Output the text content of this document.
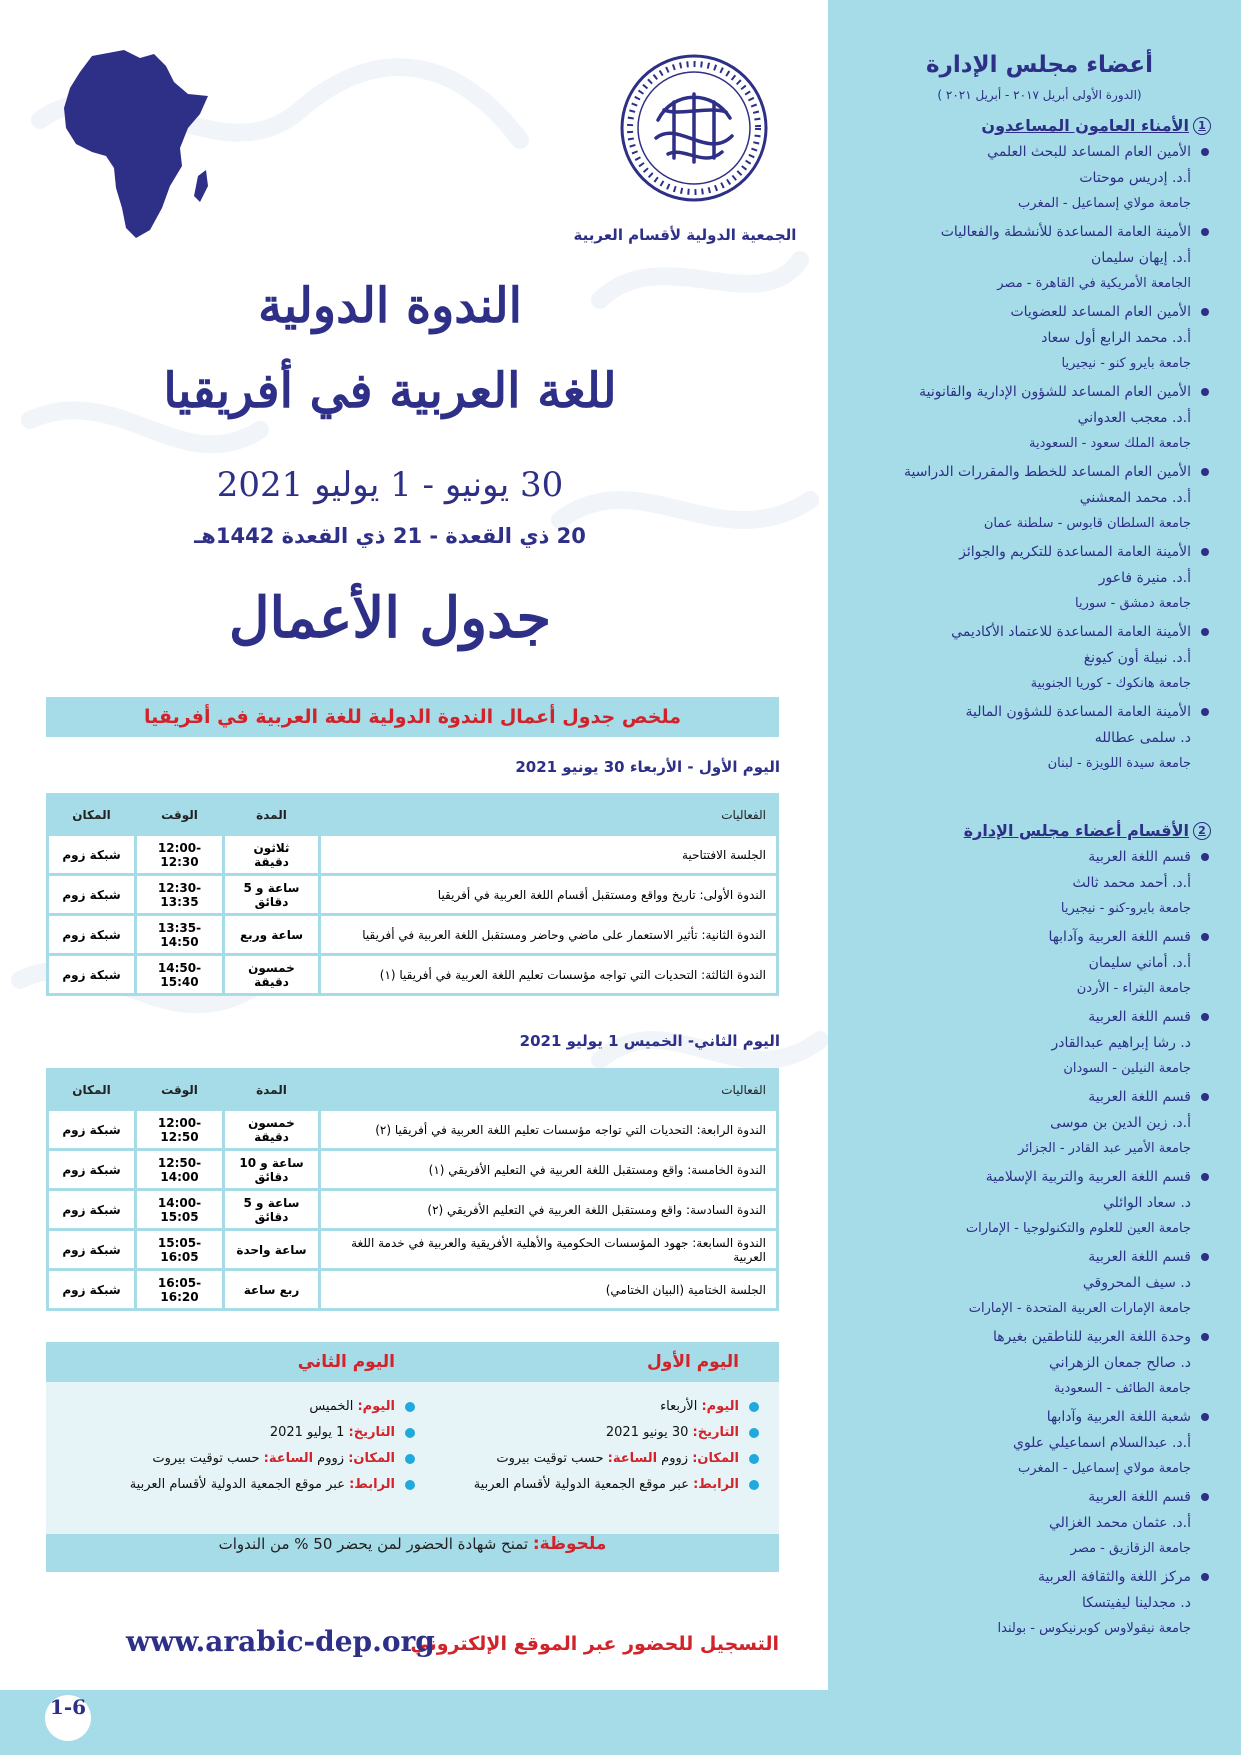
الجمعية الدولية لأقسام العربية
الندوة الدولية
للغة العربية في أفريقيا
30 يونيو - 1 يوليو 2021
20 ذي القعدة - 21 ذي القعدة 1442هـ
جدول الأعمال
ملخص جدول أعمال الندوة الدولية للغة العربية في أفريقيا
اليوم الأول - الأربعاء 30 يونيو 2021
الفعاليات	المدة	الوقت	المكان
الجلسة الافتتاحية	ثلاثون دقيقة	12:00-12:30	شبكة زوم
الندوة الأولى: تاريخ وواقع ومستقبل أقسام اللغة العربية في أفريقيا	ساعة و 5 دقائق	12:30-13:35	شبكة زوم
الندوة الثانية: تأثير الاستعمار على ماضي وحاضر ومستقبل اللغة العربية في أفريقيا	ساعة وربع	13:35-14:50	شبكة زوم
الندوة الثالثة: التحديات التي تواجه مؤسسات تعليم اللغة العربية في أفريقيا (١)	خمسون دقيقة	14:50-15:40	شبكة زوم
اليوم الثاني- الخميس 1 يوليو 2021
الفعاليات	المدة	الوقت	المكان
الندوة الرابعة: التحديات التي تواجه مؤسسات تعليم اللغة العربية في أفريقيا (٢)	خمسون دقيقة	12:00-12:50	شبكة زوم
الندوة الخامسة: واقع ومستقبل اللغة العربية في التعليم الأفريقي (١)	ساعة و 10 دقائق	12:50-14:00	شبكة زوم
الندوة السادسة: واقع ومستقبل اللغة العربية في التعليم الأفريقي (٢)	ساعة و 5 دقائق	14:00-15:05	شبكة زوم
الندوة السابعة: جهود المؤسسات الحكومية والأهلية الأفريقية والعربية في خدمة اللغة العربية	ساعة واحدة	15:05-16:05	شبكة زوم
الجلسة الختامية (البيان الختامي)	ربع ساعة	16:05-16:20	شبكة زوم
اليوم الأول
اليوم الثاني
اليوم: الأربعاء
التاريخ: 30 يونيو 2021
المكان: زووم الساعة: حسب توقيت بيروت
الرابط: عبر موقع الجمعية الدولية لأقسام العربية
اليوم: الخميس
التاريخ: 1 يوليو 2021
المكان: زووم الساعة: حسب توقيت بيروت
الرابط: عبر موقع الجمعية الدولية لأقسام العربية
ملحوظة: تمنح شهادة الحضور لمن يحضر 50 % من الندوات
التسجيل للحضور عبر الموقع الإلكتروني:
www.arabic-dep.org
1-6
أعضاء مجلس الإدارة
(الدورة الأولى أبريل ٢٠١٧ - أبريل ٢٠٢١ )
1
الأمناء العامون المساعدون
الأمين العام المساعد للبحث العلمي
أ.د. إدريس موحتات
جامعة مولاي إسماعيل - المغرب
الأمينة العامة المساعدة للأنشطة والفعاليات
أ.د. إيهان سليمان
الجامعة الأمريكية في القاهرة - مصر
الأمين العام المساعد للعضويات
أ.د. محمد الرابع أول سعاد
جامعة بايرو كنو - نيجيريا
الأمين العام المساعد للشؤون الإدارية والقانونية
أ.د. معجب العدواني
جامعة الملك سعود - السعودية
الأمين العام المساعد للخطط والمقررات الدراسية
أ.د. محمد المعشني
جامعة السلطان قابوس - سلطنة عمان
الأمينة العامة المساعدة للتكريم والجوائز
أ.د. منيرة فاعور
جامعة دمشق - سوريا
الأمينة العامة المساعدة للاعتماد الأكاديمي
أ.د. نبيلة أون كيونغ
جامعة هانكوك - كوريا الجنوبية
الأمينة العامة المساعدة للشؤون المالية
د. سلمى عطالله
جامعة سيدة اللويزة - لبنان
2
الأقسام أعضاء مجلس الإدارة
قسم اللغة العربية
أ.د. أحمد محمد ثالث
جامعة بايرو-كنو - نيجيريا
قسم اللغة العربية وآدابها
أ.د. أماني سليمان
جامعة البتراء - الأردن
قسم اللغة العربية
د. رشا إبراهيم عبدالقادر
جامعة النيلين - السودان
قسم اللغة العربية
أ.د. زين الدين بن موسى
جامعة الأمير عبد القادر - الجزائر
قسم اللغة العربية والتربية الإسلامية
د. سعاد الوائلي
جامعة العين للعلوم والتكنولوجيا - الإمارات
قسم اللغة العربية
د. سيف المحروقي
جامعة الإمارات العربية المتحدة - الإمارات
وحدة اللغة العربية للناطقين بغيرها
د. صالح جمعان الزهراني
جامعة الطائف - السعودية
شعبة اللغة العربية وآدابها
أ.د. عبدالسلام اسماعيلي علوي
جامعة مولاي إسماعيل - المغرب
قسم اللغة العربية
أ.د. عثمان محمد الغزالي
جامعة الزقازيق - مصر
مركز اللغة والثقافة العربية
د. مجدلينا ليفيتسكا
جامعة نيقولاوس كوبرنيكوس - بولندا
